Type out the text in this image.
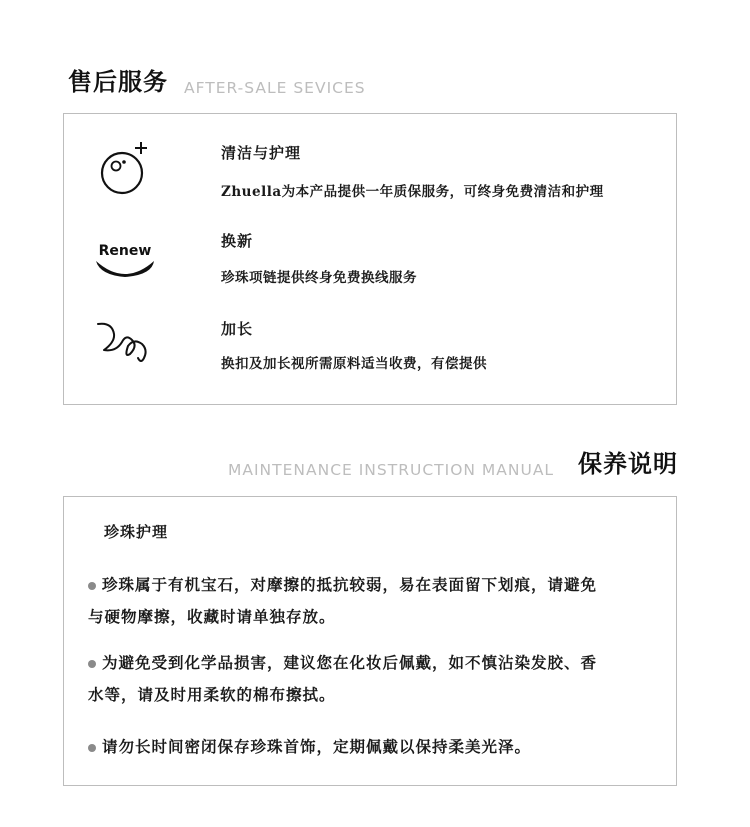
售后服务 AFTER-SALE SEVICES
清洁与护理
Zhuella为本产品提供一年质保服务，可终身免费清洁和护理
Renew
换新
珍珠项链提供终身免费换线服务
加长
换扣及加长视所需原料适当收费，有偿提供
MAINTENANCE INSTRUCTION MANUAL 保养说明
珍珠护理
珍珠属于有机宝石，对摩擦的抵抗较弱，易在表面留下划痕，请避免
与硬物摩擦，收藏时请单独存放。
为避免受到化学品损害，建议您在化妆后佩戴，如不慎沾染发胶、香
水等，请及时用柔软的棉布擦拭。
请勿长时间密闭保存珍珠首饰，定期佩戴以保持柔美光泽。
